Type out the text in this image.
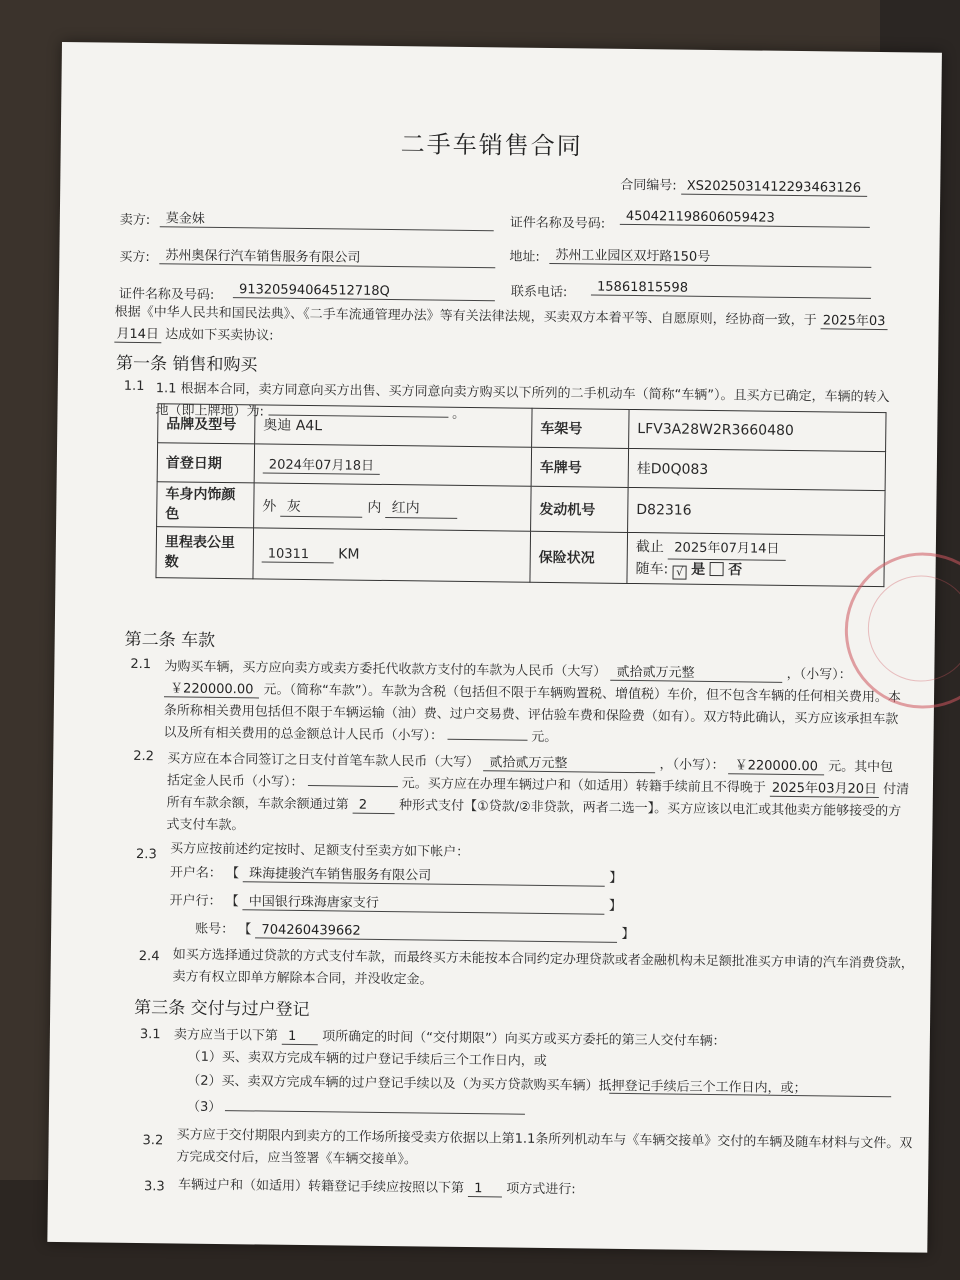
二手车销售合同
合同编号: XS2025031412293463126
卖方:	莫金妹	证件名称及号码:	450421198606059423
买方:	苏州奥保行汽车销售服务有限公司	地址:	苏州工业园区双圩路150号
证件名称及号码:	91320594064512718Q	联系电话:	15861815598
根据《中华人民共和国民法典》、《二手车流通管理办法》等有关法律法规，买卖双方本着平等、自愿原则，经协商一致，于 2025年03
月14日 达成如下买卖协议:
第一条 销售和购买
1.1 1.1 根据本合同，卖方同意向买方出售、买方同意向卖方购买以下所列的二手机动车（简称“车辆”）。且买方已确定，车辆的转入
地（即上牌地）为:	。
品牌及型号	奥迪 A4L	车架号	LFV3A28W2R3660480
首登日期	2024年07月18日	车牌号	桂D0Q083
车身内饰颜
色	外 灰 内 红内	发动机号	D82316
里程表公里
数	10311 KM	保险状况	截止 2025年07月14日
随车: √ 是 否
第二条 车款
2.1 为购买车辆，买方应向卖方或卖方委托代收款方支付的车款为人民币（大写） 贰拾贰万元整	，（小写）：
￥220000.00 元。（简称“车款”）。车款为含税（包括但不限于车辆购置税、增值税）车价，但不包含车辆的任何相关费用。本
条所称相关费用包括但不限于车辆运输（油）费、过户交易费、评估验车费和保险费（如有）。双方特此确认，买方应该承担车款
以及所有相关费用的总金额总计人民币（小写）：	元。
2.2 买方应在本合同签订之日支付首笔车款人民币（大写） 贰拾贰万元整	，（小写）： ￥220000.00 元。其中包
括定金人民币（小写）：	元。买方应在办理车辆过户和（如适用）转籍手续前且不得晚于 2025年03月20日 付清
所有车款余额，车款余额通过第 2 种形式支付【①贷款/②非贷款，两者二选一】。买方应该以电汇或其他卖方能够接受的方
式支付车款。
2.3 买方应按前述约定按时、足额支付至卖方如下帐户：
开户名： 【 珠海捷骏汽车销售服务有限公司	】
开户行： 【 中国银行珠海唐家支行	】
账号： 【 704260439662	】
2.4 如买方选择通过贷款的方式支付车款，而最终买方未能按本合同约定办理贷款或者金融机构未足额批准买方申请的汽车消费贷款，
卖方有权立即单方解除本合同，并没收定金。
第三条 交付与过户登记
3.1 卖方应当于以下第 1 项所确定的时间（“交付期限”）向买方或买方委托的第三人交付车辆：
（1）买、卖双方完成车辆的过户登记手续后三个工作日内，或
（2）买、卖双方完成车辆的过户登记手续以及（为买方贷款购买车辆）抵押登记手续后三个工作日内，或；
（3）
3.2 买方应于交付期限内到卖方的工作场所接受卖方依据以上第1.1条所列机动车与《车辆交接单》交付的车辆及随车材料与文件。双
方完成交付后，应当签署《车辆交接单》。
3.3 车辆过户和（如适用）转籍登记手续应按照以下第 1 项方式进行:
